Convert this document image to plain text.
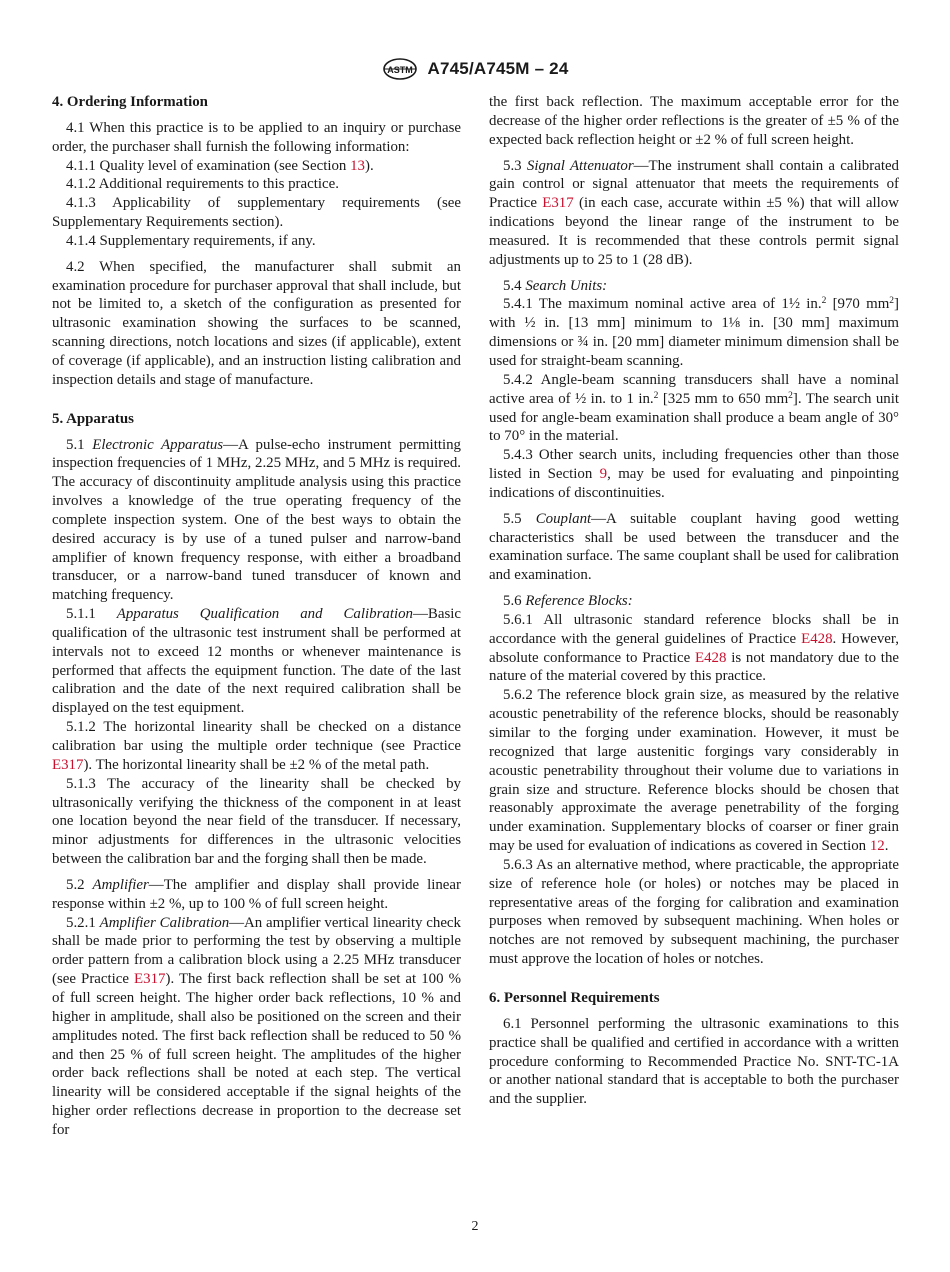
ASTM A745/A745M – 24
4. Ordering Information

4.1 When this practice is to be applied to an inquiry or purchase order, the purchaser shall furnish the following information:

4.1.1 Quality level of examination (see Section 13).

4.1.2 Additional requirements to this practice.

4.1.3 Applicability of supplementary requirements (see Supplementary Requirements section).

4.1.4 Supplementary requirements, if any.

4.2 When specified, the manufacturer shall submit an examination procedure for purchaser approval that shall include, but not be limited to, a sketch of the configuration as presented for ultrasonic examination showing the surfaces to be scanned, scanning directions, notch locations and sizes (if applicable), extent of coverage (if applicable), and an instruction listing calibration and inspection details and stage of manufacture.

5. Apparatus

5.1 Electronic Apparatus—A pulse-echo instrument permitting inspection frequencies of 1 MHz, 2.25 MHz, and 5 MHz is required. The accuracy of discontinuity amplitude analysis using this practice involves a knowledge of the true operating frequency of the complete inspection system. One of the best ways to obtain the desired accuracy is by use of a tuned pulser and narrow-band amplifier of known frequency response, with either a broadband transducer, or a narrow-band tuned transducer of known and matching frequency.

5.1.1 Apparatus Qualification and Calibration—Basic qualification of the ultrasonic test instrument shall be performed at intervals not to exceed 12 months or whenever maintenance is performed that affects the equipment function. The date of the last calibration and the date of the next required calibration shall be displayed on the test equipment.

5.1.2 The horizontal linearity shall be checked on a distance calibration bar using the multiple order technique (see Practice E317). The horizontal linearity shall be ±2 % of the metal path.

5.1.3 The accuracy of the linearity shall be checked by ultrasonically verifying the thickness of the component in at least one location beyond the near field of the transducer. If necessary, minor adjustments for differences in the ultrasonic velocities between the calibration bar and the forging shall then be made.

5.2 Amplifier—The amplifier and display shall provide linear response within ±2 %, up to 100 % of full screen height.

5.2.1 Amplifier Calibration—An amplifier vertical linearity check shall be made prior to performing the test by observing a multiple order pattern from a calibration block using a 2.25 MHz transducer (see Practice E317). The first back reflection shall be set at 100 % of full screen height. The higher order back reflections, 10 % and higher in amplitude, shall also be positioned on the screen and their amplitudes noted. The first back reflection shall be reduced to 50 % and then 25 % of full screen height. The amplitudes of the higher order back reflections shall be noted at each step. The vertical linearity will be considered acceptable if the signal heights of the higher order reflections decrease in proportion to the decrease set for

the first back reflection. The maximum acceptable error for the decrease of the higher order reflections is the greater of ±5 % of the expected back reflection height or ±2 % of full screen height.

5.3 Signal Attenuator—The instrument shall contain a calibrated gain control or signal attenuator that meets the requirements of Practice E317 (in each case, accurate within ±5 %) that will allow indications beyond the linear range of the instrument to be measured. It is recommended that these controls permit signal adjustments up to 25 to 1 (28 dB).

5.4 Search Units:

5.4.1 The maximum nominal active area of 1½ in.$^2$ [970 $mm^2$] with ½ in. [13 mm] minimum to 1⅛ in. [30 mm] maximum dimensions or ¾ in. [20 mm] diameter minimum dimension shall be used for straight-beam scanning.

5.4.2 Angle-beam scanning transducers shall have a nominal active area of ½ in. to 1 in.$^2$ [325 mm to 650 $mm^2$]. The search unit used for angle-beam examination shall produce a beam angle of 30° to 70° in the material.

5.4.3 Other search units, including frequencies other than those listed in Section 9, may be used for evaluating and pinpointing indications of discontinuities.

5.5 Couplant—A suitable couplant having good wetting characteristics shall be used between the transducer and the examination surface. The same couplant shall be used for calibration and examination.

5.6 Reference Blocks:

5.6.1 All ultrasonic standard reference blocks shall be in accordance with the general guidelines of Practice E428. However, absolute conformance to Practice E428 is not mandatory due to the nature of the material covered by this practice.

5.6.2 The reference block grain size, as measured by the relative acoustic penetrability of the reference blocks, should be reasonably similar to the forging under examination. However, it must be recognized that large austenitic forgings vary considerably in acoustic penetrability throughout their volume due to variations in grain size and structure. Reference blocks should be chosen that reasonably approximate the average penetrability of the forging under examination. Supplementary blocks of coarser or finer grain may be used for evaluation of indications as covered in Section 12.

5.6.3 As an alternative method, where practicable, the appropriate size of reference hole (or holes) or notches may be placed in representative areas of the forging for calibration and examination purposes when removed by subsequent machining. When holes or notches are not removed by subsequent machining, the purchaser must approve the location of holes or notches.

6. Personnel Requirements

6.1 Personnel performing the ultrasonic examinations to this practice shall be qualified and certified in accordance with a written procedure conforming to Recommended Practice No. SNT-TC-1A or another national standard that is acceptable to both the purchaser and the supplier.

2
